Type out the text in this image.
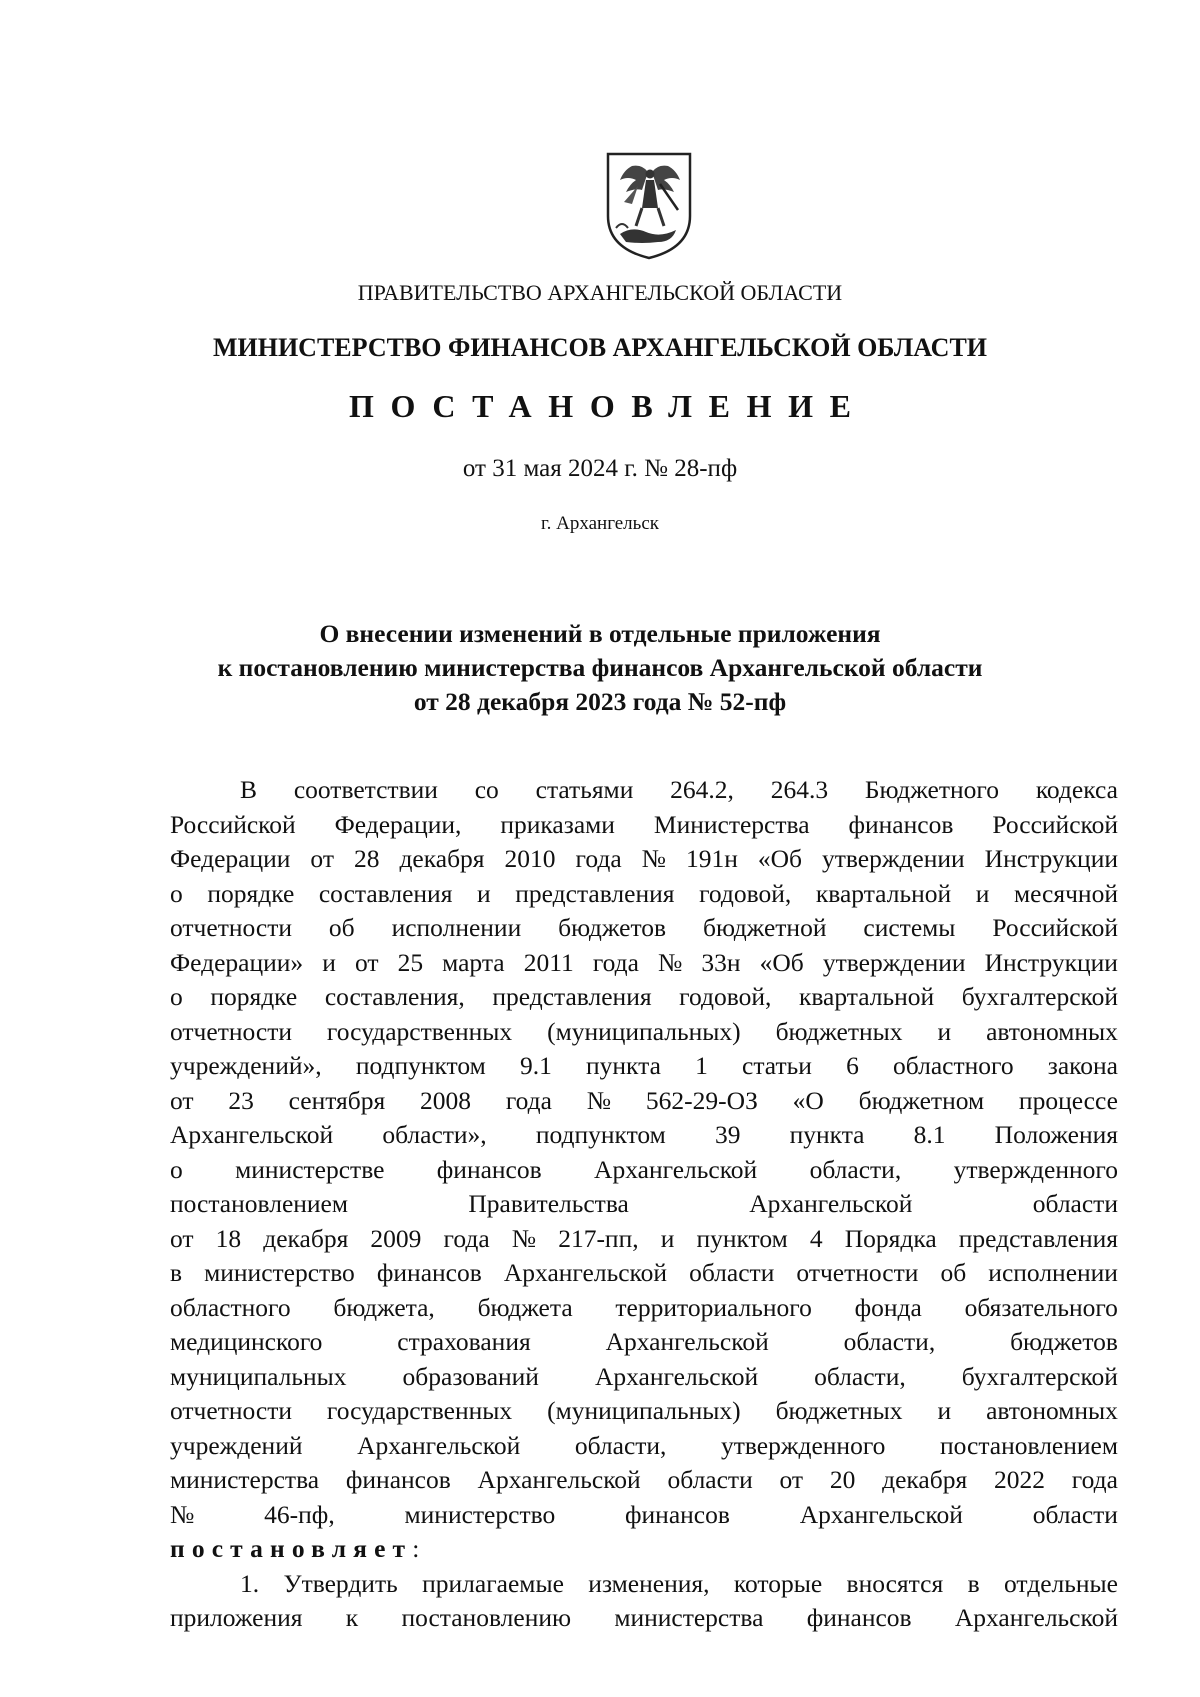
ПРАВИТЕЛЬСТВО АРХАНГЕЛЬСКОЙ ОБЛАСТИ
МИНИСТЕРСТВО ФИНАНСОВ АРХАНГЕЛЬСКОЙ ОБЛАСТИ
ПОСТАНОВЛЕНИЕ
от 31 мая 2024 г. № 28-пф
г. Архангельск
О внесении изменений в отдельные приложения
к постановлению министерства финансов Архангельской области
от 28 декабря 2023 года № 52-пф
В соответствии со статьями 264.2, 264.3 Бюджетного кодекса
Российской Федерации, приказами Министерства финансов Российской
Федерации от 28 декабря 2010 года № 191н «Об утверждении Инструкции
о порядке составления и представления годовой, квартальной и месячной
отчетности об исполнении бюджетов бюджетной системы Российской
Федерации» и от 25 марта 2011 года № 33н «Об утверждении Инструкции
о порядке составления, представления годовой, квартальной бухгалтерской
отчетности государственных (муниципальных) бюджетных и автономных
учреждений», подпунктом 9.1 пункта 1 статьи 6 областного закона
от 23 сентября 2008 года № 562-29-ОЗ «О бюджетном процессе
Архангельской области», подпунктом 39 пункта 8.1 Положения
о министерстве финансов Архангельской области, утвержденного
постановлением	Правительства	Архангельской	области
от 18 декабря 2009 года № 217-пп, и пунктом 4 Порядка представления
в министерство финансов Архангельской области отчетности об исполнении
областного бюджета, бюджета территориального фонда обязательного
медицинского	страхования	Архангельской	области,	бюджетов
муниципальных образований Архангельской области, бухгалтерской
отчетности государственных (муниципальных) бюджетных и автономных
учреждений Архангельской области, утвержденного постановлением
министерства финансов Архангельской области от 20 декабря 2022 года
№	46-пф,	министерство	финансов	Архангельской	области
постановляет :
1. Утвердить прилагаемые изменения, которые вносятся в отдельные
приложения к постановлению министерства финансов Архангельской
